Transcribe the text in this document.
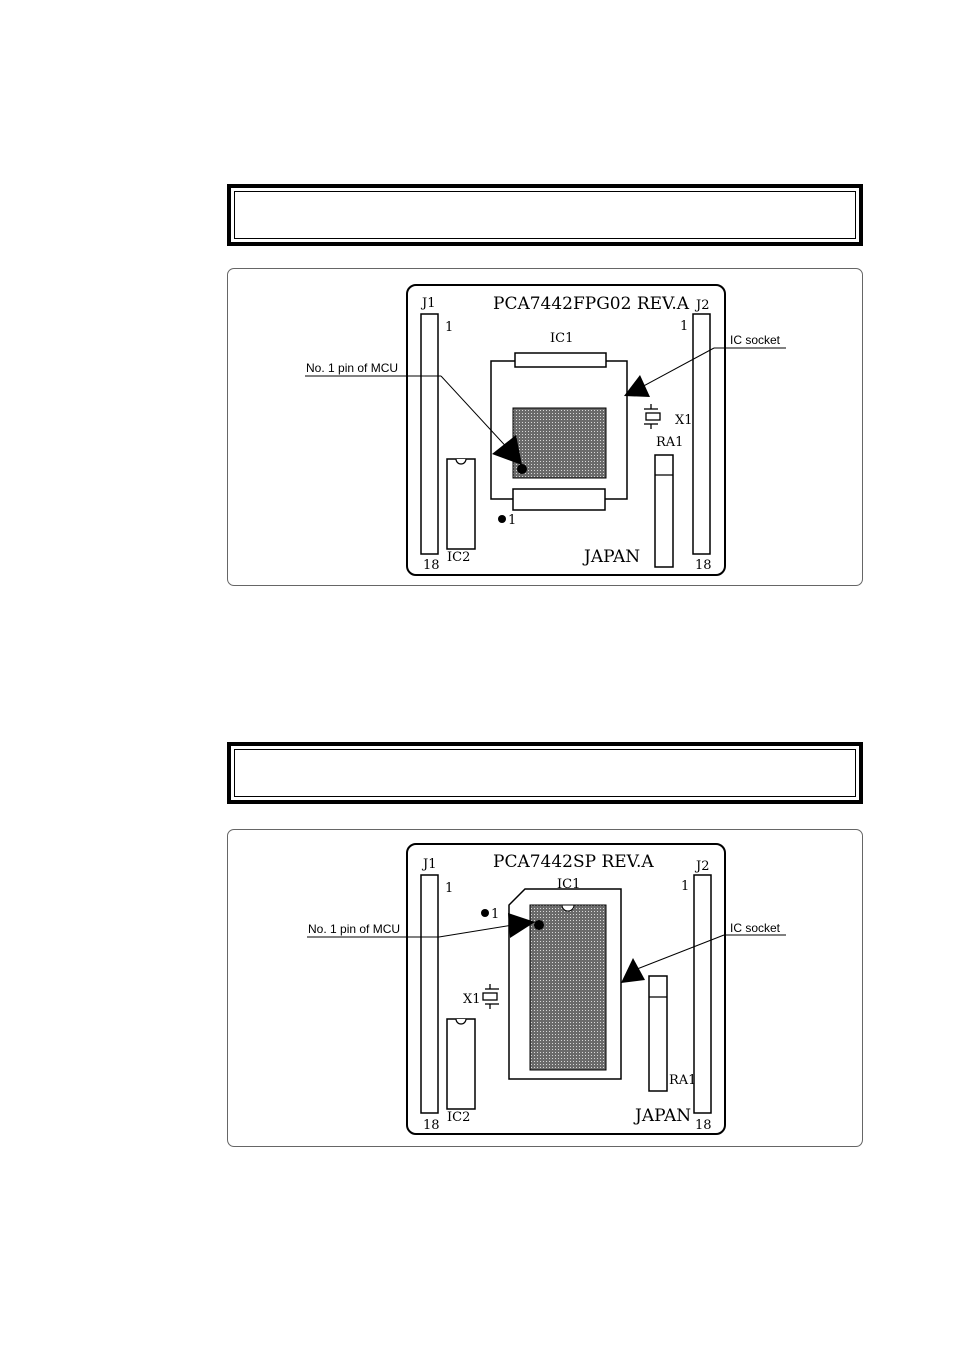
PCA7442FPG02 REV.A
J1	J2
1	1
18	18
IC1
IC2
X1
RA1
1
JAPAN
No. 1 pin of MCU
IC socket
PCA7442SP REV.A
J1	J2
1	1
18	18
IC1
IC2
X1
RA1
1
JAPAN
No. 1 pin of MCU	IC socket
